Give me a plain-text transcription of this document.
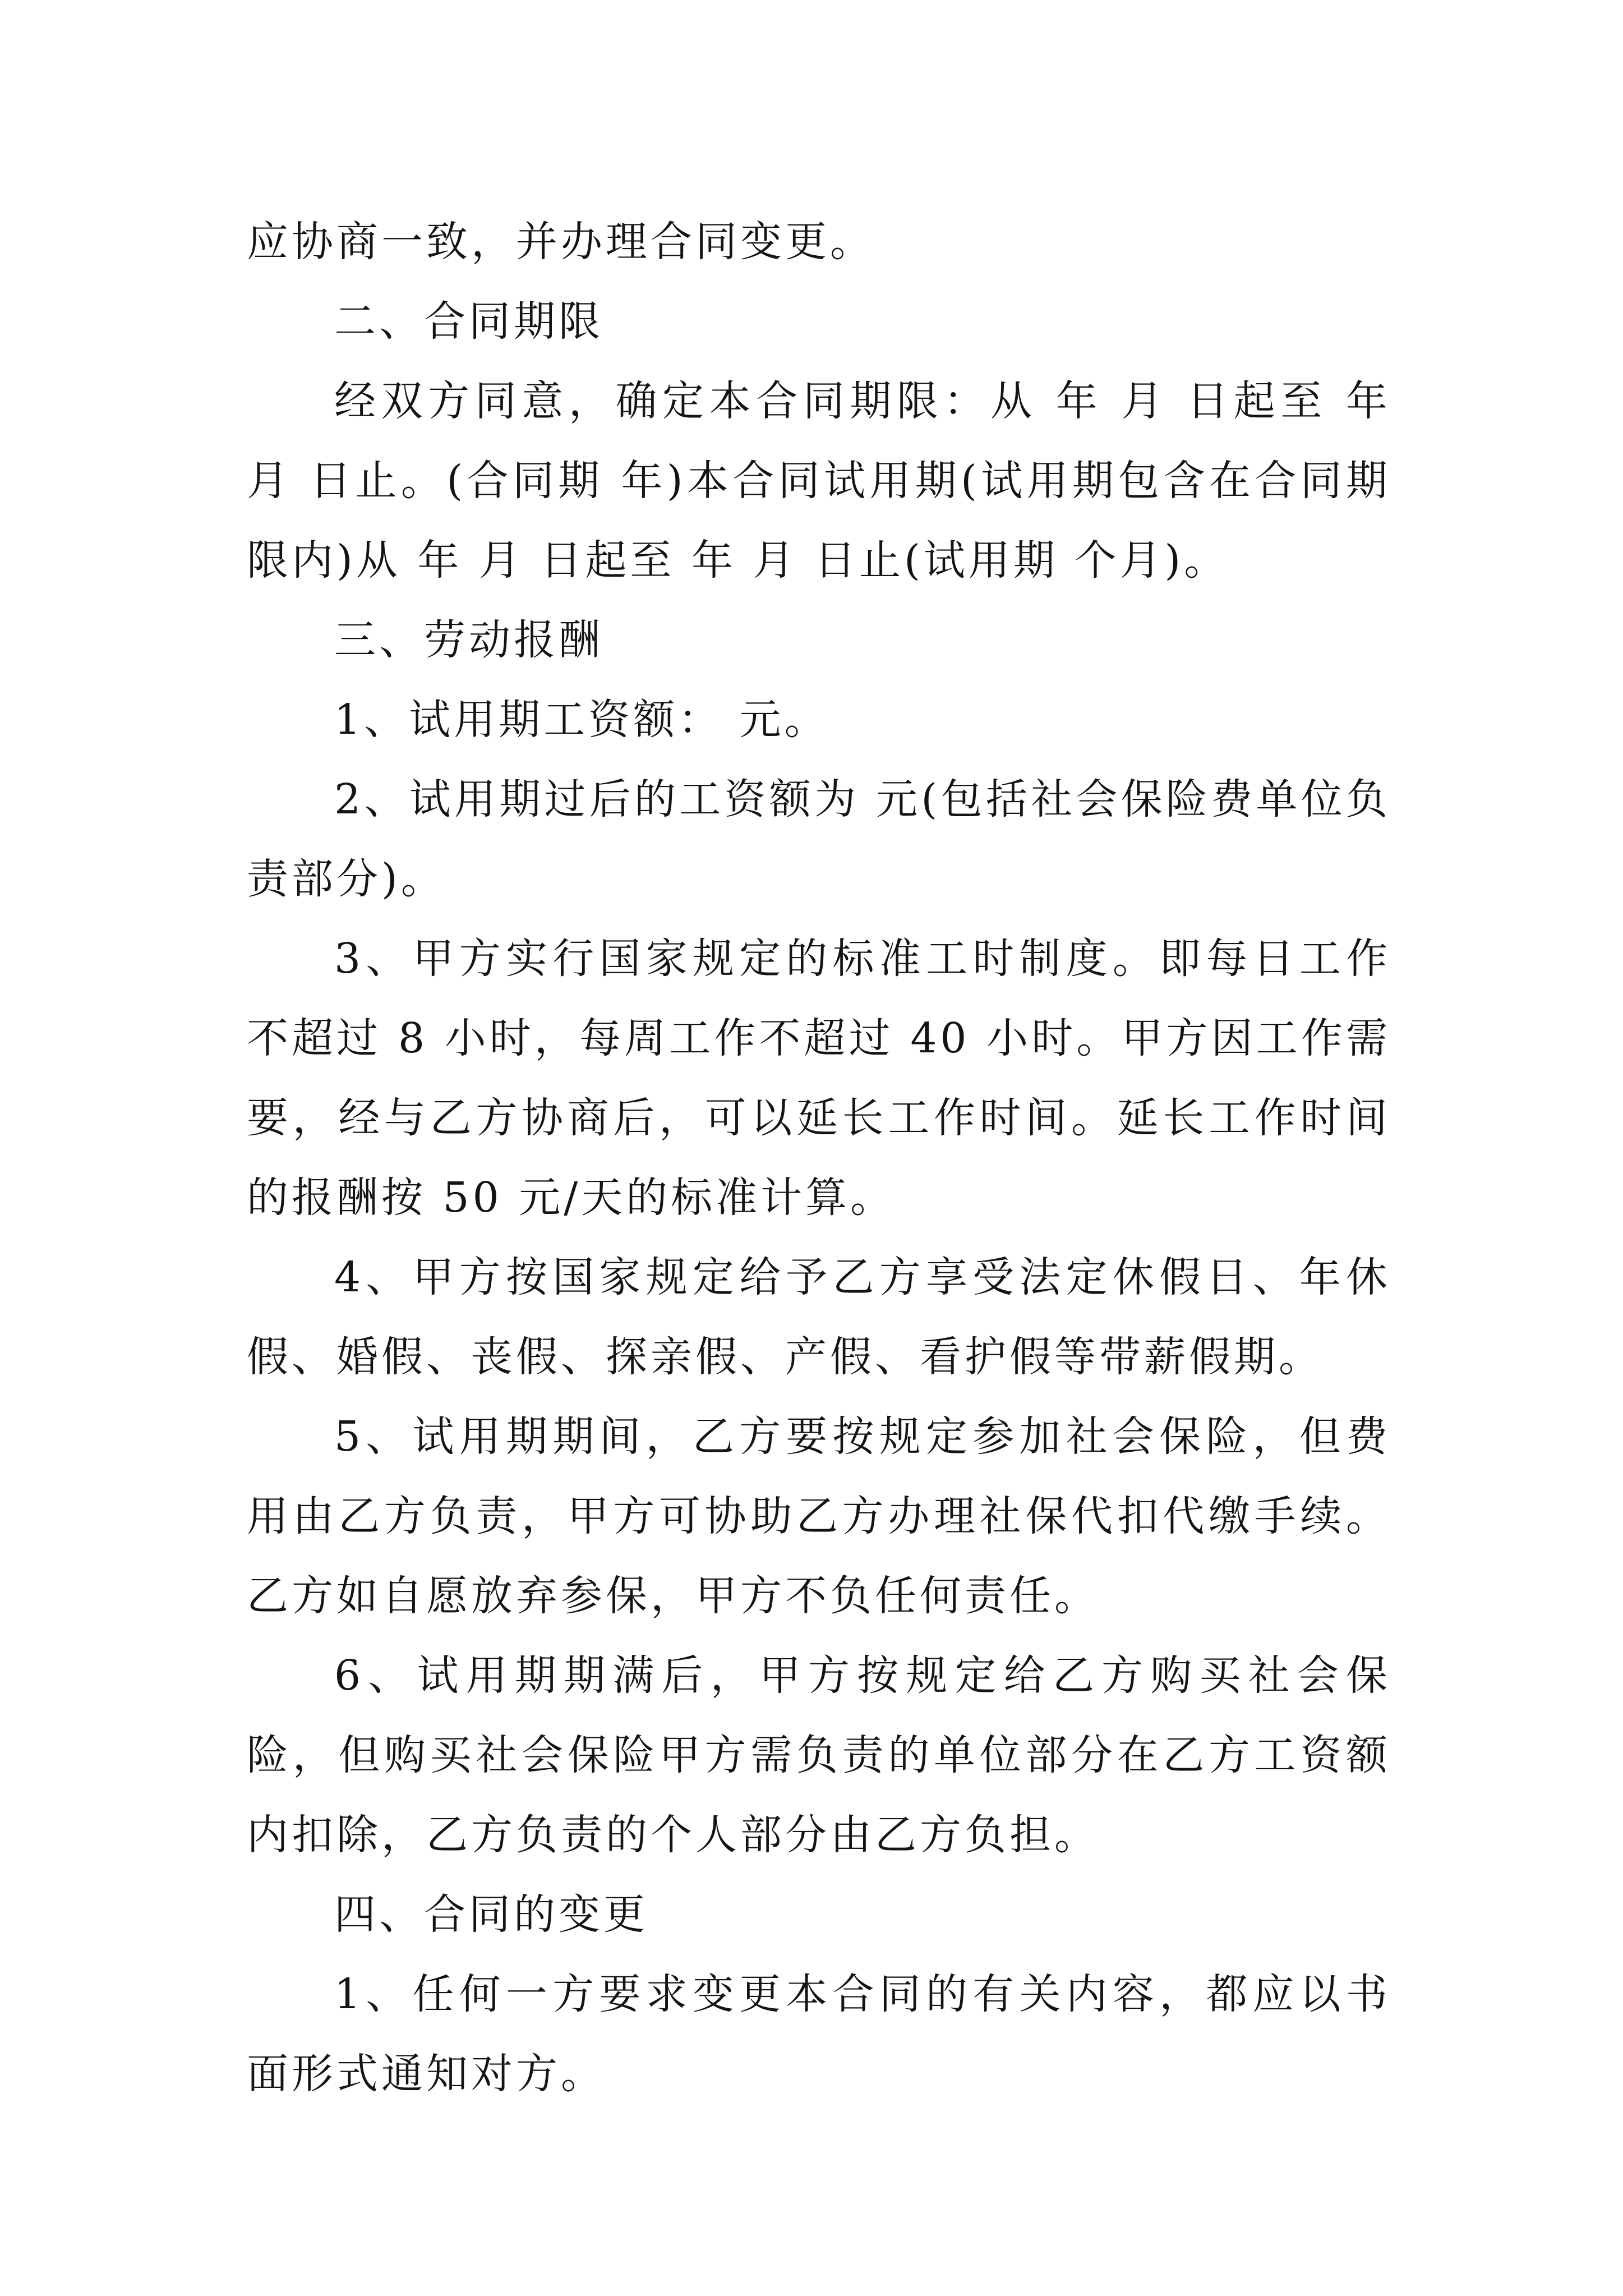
应协商一致，并办理合同变更。

二、合同期限

经双方同意，确定本合同期限：从 年 月 日起至 年 月 日止。(合同期 年)本合同试用期(试用期包含在合同期限内)从 年 月 日起至 年 月 日止(试用期 个月)。

三、劳动报酬

1、试用期工资额： 元。

2、试用期过后的工资额为 元(包括社会保险费单位负责部分)。

3、甲方实行国家规定的标准工时制度。即每日工作不超过 8 小时，每周工作不超过 40 小时。甲方因工作需要，经与乙方协商后，可以延长工作时间。延长工作时间的报酬按 50 元/天的标准计算。

4、甲方按国家规定给予乙方享受法定休假日、年休假、婚假、丧假、探亲假、产假、看护假等带薪假期。

5、试用期期间，乙方要按规定参加社会保险，但费用由乙方负责，甲方可协助乙方办理社保代扣代缴手续。乙方如自愿放弃参保，甲方不负任何责任。

6、试用期期满后，甲方按规定给乙方购买社会保险，但购买社会保险甲方需负责的单位部分在乙方工资额内扣除，乙方负责的个人部分由乙方负担。

四、合同的变更

1、任何一方要求变更本合同的有关内容，都应以书面形式通知对方。
